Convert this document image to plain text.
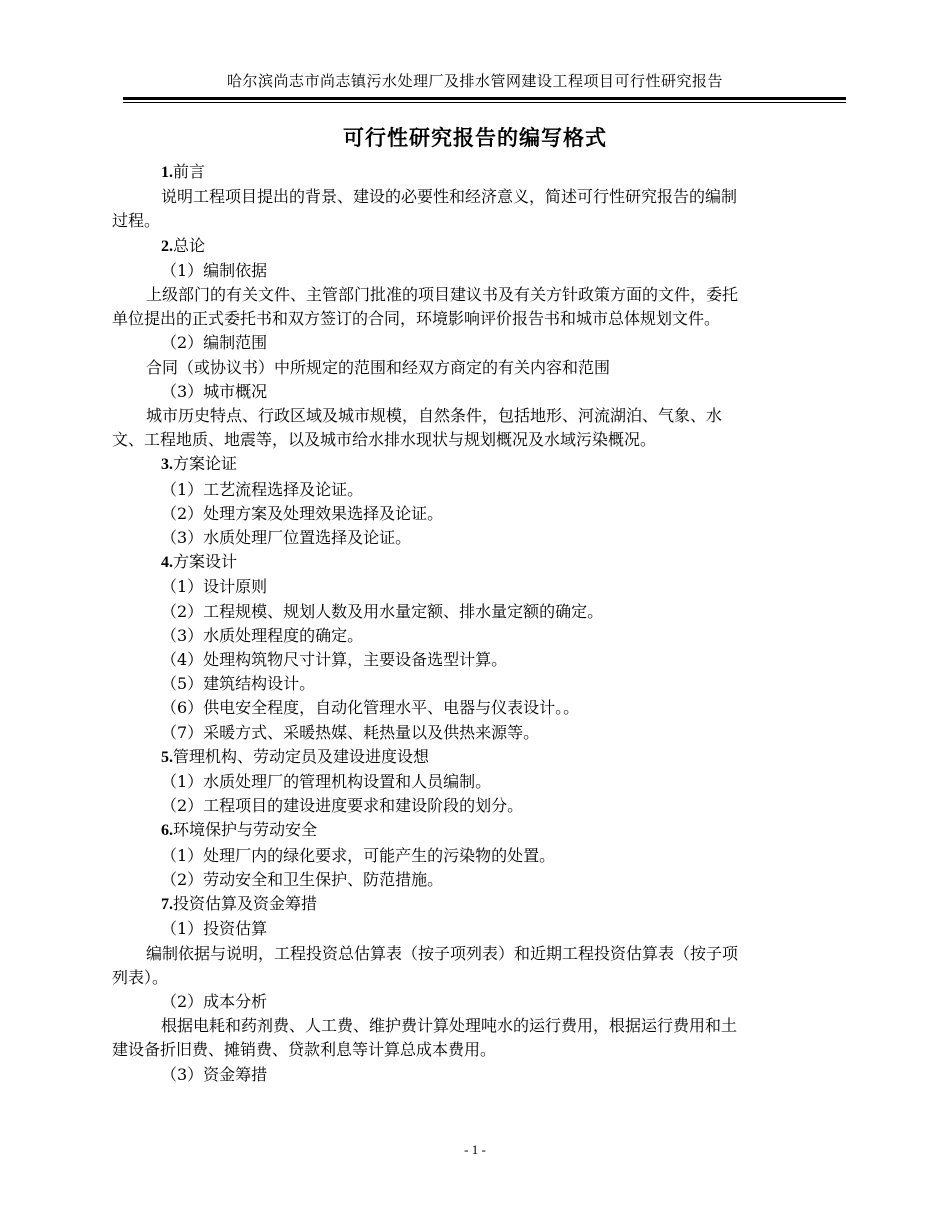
哈尔滨尚志市尚志镇污水处理厂及排水管网建设工程项目可行性研究报告
可行性研究报告的编写格式
1.前言
说明工程项目提出的背景、建设的必要性和经济意义，简述可行性研究报告的编制
过程。
2.总论
（1）编制依据
上级部门的有关文件、主管部门批准的项目建议书及有关方针政策方面的文件，委托
单位提出的正式委托书和双方签订的合同，环境影响评价报告书和城市总体规划文件。
（2）编制范围
合同（或协议书）中所规定的范围和经双方商定的有关内容和范围
（3）城市概况
城市历史特点、行政区域及城市规模，自然条件，包括地形、河流湖泊、气象、水
文、工程地质、地震等，以及城市给水排水现状与规划概况及水域污染概况。
3.方案论证
（1）工艺流程选择及论证。
（2）处理方案及处理效果选择及论证。
（3）水质处理厂位置选择及论证。
4.方案设计
（1）设计原则
（2）工程规模、规划人数及用水量定额、排水量定额的确定。
（3）水质处理程度的确定。
（4）处理构筑物尺寸计算，主要设备选型计算。
（5）建筑结构设计。
（6）供电安全程度，自动化管理水平、电器与仪表设计。。
（7）采暖方式、采暖热媒、耗热量以及供热来源等。
5.管理机构、劳动定员及建设进度设想
（1）水质处理厂的管理机构设置和人员编制。
（2）工程项目的建设进度要求和建设阶段的划分。
6.环境保护与劳动安全
（1）处理厂内的绿化要求，可能产生的污染物的处置。
（2）劳动安全和卫生保护、防范措施。
7.投资估算及资金筹措
（1）投资估算
编制依据与说明，工程投资总估算表（按子项列表）和近期工程投资估算表（按子项
列表）。
（2）成本分析
根据电耗和药剂费、人工费、维护费计算处理吨水的运行费用，根据运行费用和土
建设备折旧费、摊销费、贷款利息等计算总成本费用。
（3）资金筹措
- 1 -
